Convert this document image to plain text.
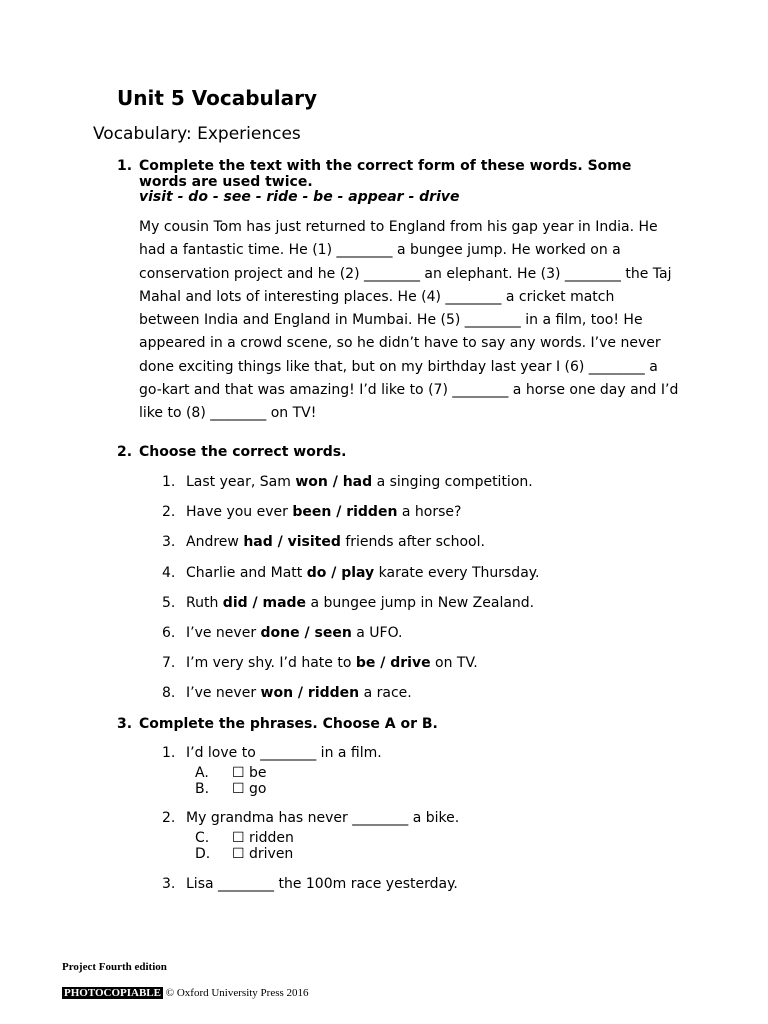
Unit 5 Vocabulary
Vocabulary: Experiences
1. Complete the text with the correct form of these words. Some words are used twice.
visit - do - see - ride - be - appear - drive
My cousin Tom has just returned to England from his gap year in India. He had a fantastic time. He (1) ________ a bungee jump. He worked on a conservation project and he (2) ________ an elephant. He (3) ________ the Taj Mahal and lots of interesting places. He (4) ________ a cricket match between India and England in Mumbai. He (5) ________ in a film, too! He appeared in a crowd scene, so he didn’t have to say any words. I’ve never done exciting things like that, but on my birthday last year I (6) ________ a go-kart and that was amazing! I’d like to (7) ________ a horse one day and I’d like to (8) ________ on TV!
2. Choose the correct words.
1. Last year, Sam won / had a singing competition.
2. Have you ever been / ridden a horse?
3. Andrew had / visited friends after school.
4. Charlie and Matt do / play karate every Thursday.
5. Ruth did / made a bungee jump in New Zealand.
6. I’ve never done / seen a UFO.
7. I’m very shy. I’d hate to be / drive on TV.
8. I’ve never won / ridden a race.
3. Complete the phrases. Choose A or B.
1. I’d love to ________ in a film.
A. ☐ be
B. ☐ go
2. My grandma has never ________ a bike.
C. ☐ ridden
D. ☐ driven
3. Lisa ________ the 100m race yesterday.
Project Fourth edition
PHOTOCOPIABLE © Oxford University Press 2016
